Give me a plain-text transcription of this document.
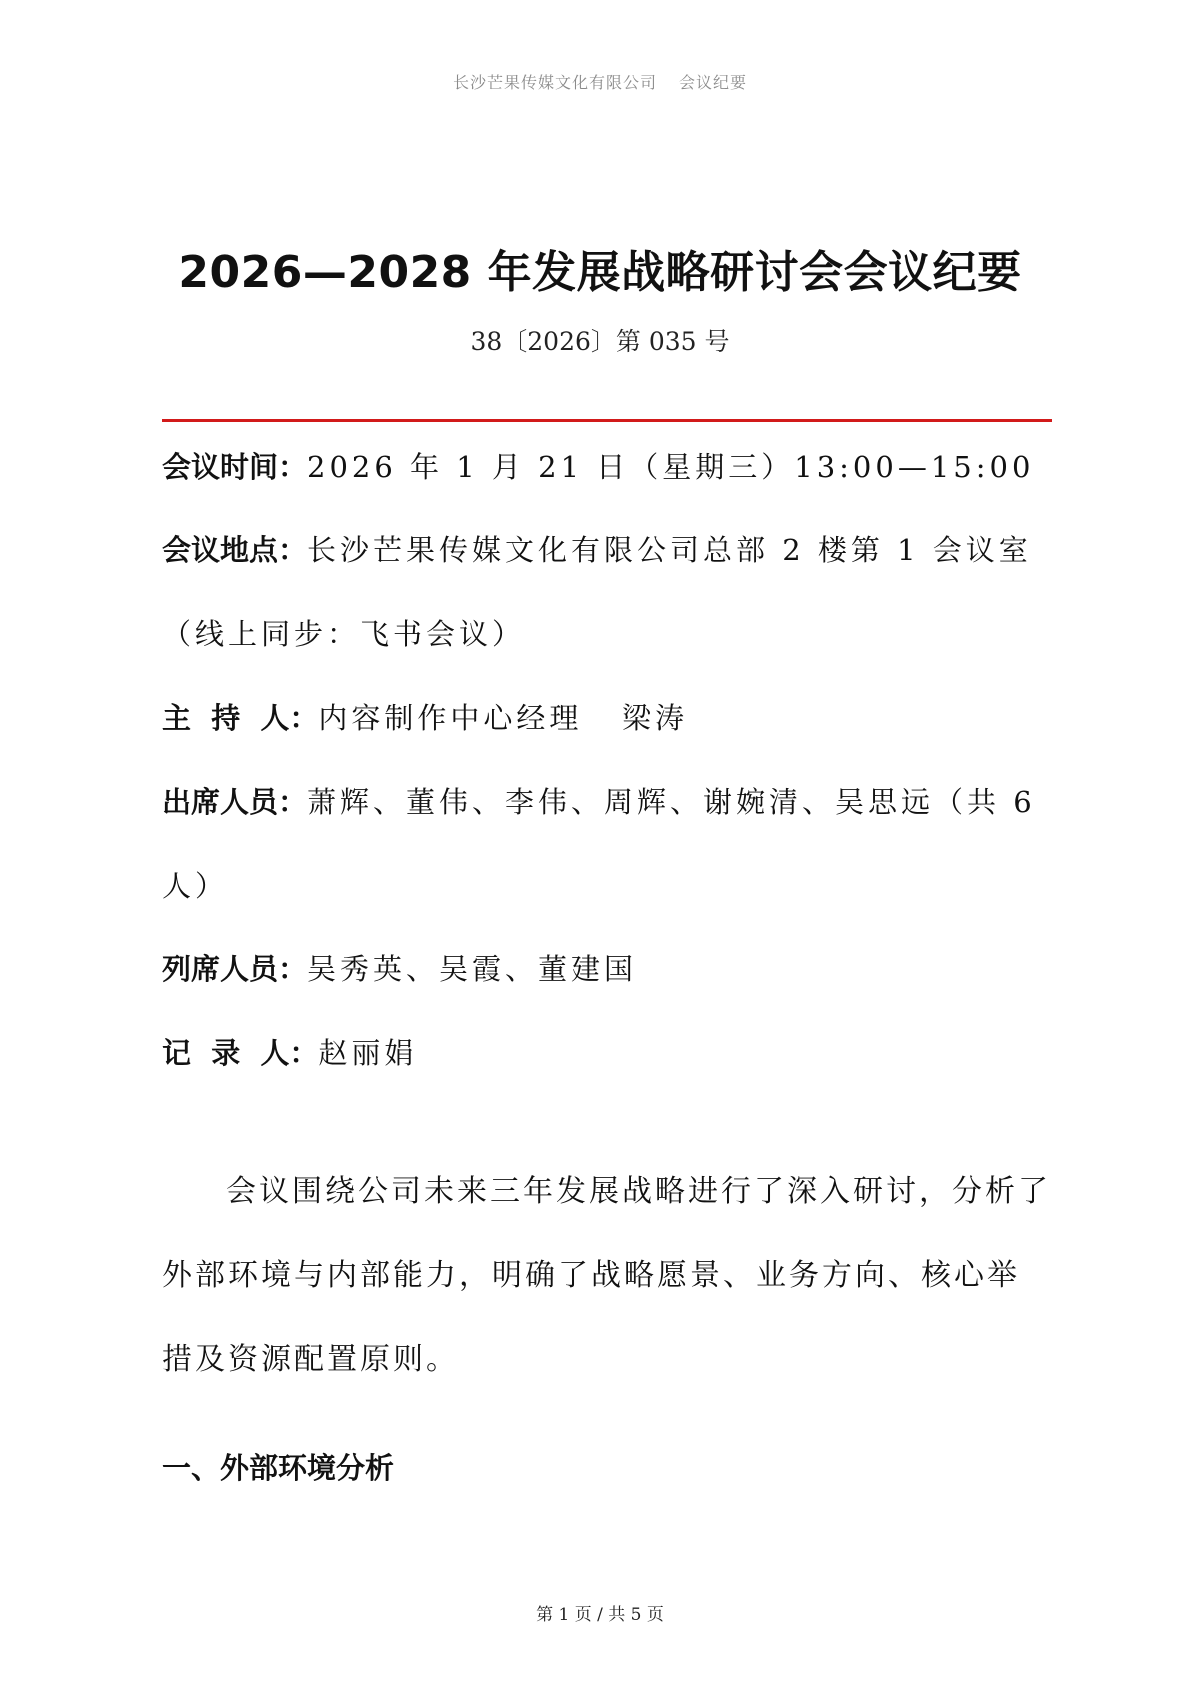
长沙芒果传媒文化有限公司 会议纪要
2026—2028 年发展战略研讨会会议纪要
38〔2026〕第 035 号
会议时间：2026 年 1 月 21 日（星期三）13:00—15:00
会议地点：长沙芒果传媒文化有限公司总部 2 楼第 1 会议室（线上同步：飞书会议）
主  持  人：内容制作中心经理   梁涛
出席人员：萧辉、董伟、李伟、周辉、谢婉清、吴思远（共 6 人）
列席人员：吴秀英、吴霞、董建国
记  录  人：赵丽娟

会议围绕公司未来三年发展战略进行了深入研讨，分析了外部环境与内部能力，明确了战略愿景、业务方向、核心举措及资源配置原则。

一、外部环境分析
第 1 页 / 共 5 页
